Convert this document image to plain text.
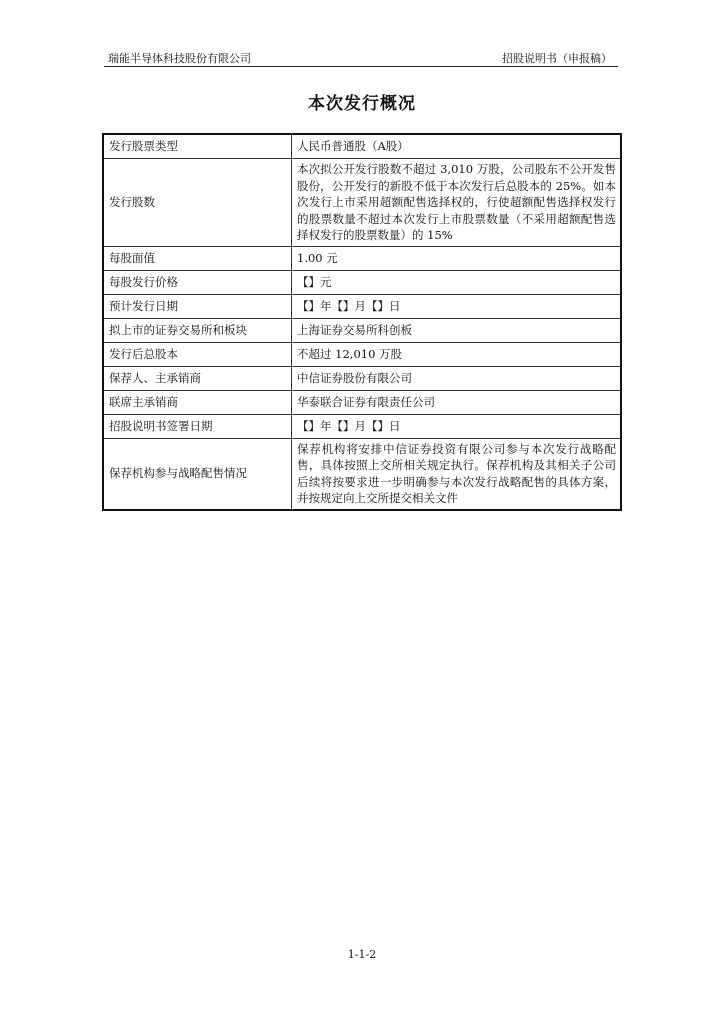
瑞能半导体科技股份有限公司	招股说明书（申报稿）
本次发行概况
发行股票类型	人民币普通股（A股）
发行股数	本次拟公开发行股数不超过 3,010 万股，公司股东不公开发售股份，公开发行的新股不低于本次发行后总股本的 25%。如本次发行上市采用超额配售选择权的，行使超额配售选择权发行的股票数量不超过本次发行上市股票数量（不采用超额配售选择权发行的股票数量）的 15%
每股面值	1.00 元
每股发行价格	【】元
预计发行日期	【】年【】月【】日
拟上市的证券交易所和板块	上海证券交易所科创板
发行后总股本	不超过 12,010 万股
保荐人、主承销商	中信证券股份有限公司
联席主承销商	华泰联合证券有限责任公司
招股说明书签署日期	【】年【】月【】日
保荐机构参与战略配售情况	保荐机构将安排中信证券投资有限公司参与本次发行战略配售，具体按照上交所相关规定执行。保荐机构及其相关子公司后续将按要求进一步明确参与本次发行战略配售的具体方案，并按规定向上交所提交相关文件
1-1-2
